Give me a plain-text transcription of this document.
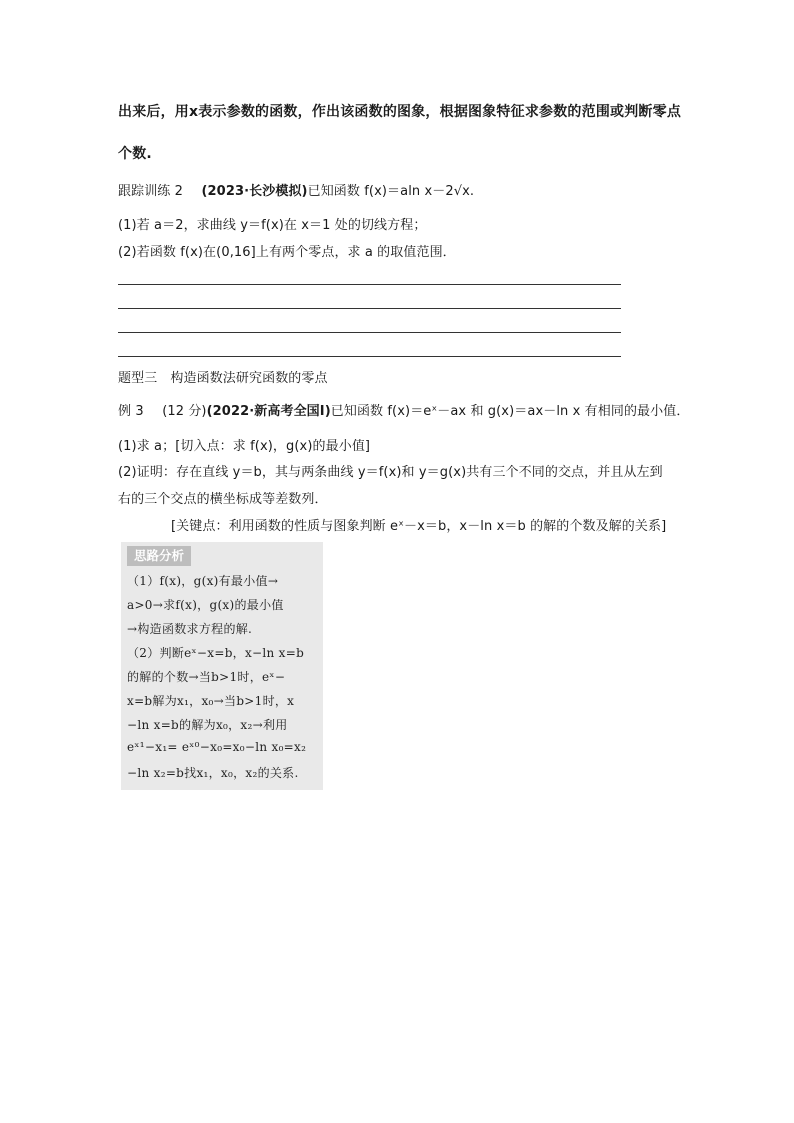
出来后，用x表示参数的函数，作出该函数的图象，根据图象特征求参数的范围或判断零点
个数.
跟踪训练 2 (2023·长沙模拟)已知函数 f(x)＝aln x－2√x.
(1)若 a＝2，求曲线 y＝f(x)在 x＝1 处的切线方程；
(2)若函数 f(x)在(0,16]上有两个零点，求 a 的取值范围．
题型三　构造函数法研究函数的零点
例 3 (12 分)(2022·新高考全国Ⅰ)已知函数 f(x)＝eˣ－ax 和 g(x)＝ax－ln x 有相同的最小值．
(1)求 a；[切入点：求 f(x)，g(x)的最小值]
(2)证明：存在直线 y＝b，其与两条曲线 y＝f(x)和 y＝g(x)共有三个不同的交点，并且从左到
右的三个交点的横坐标成等差数列．
[关键点：利用函数的性质与图象判断 eˣ－x＝b，x－ln x＝b 的解的个数及解的关系]
思路分析
（1）f(x)，g(x)有最小值→
a>0→求f(x)，g(x)的最小值
→构造函数求方程的解.
（2）判断eˣ−x=b，x−ln x=b
的解的个数→当b>1时，eˣ−
x=b解为x₁，x₀→当b>1时，x
−ln x=b的解为x₀，x₂→利用
eˣ¹−x₁= eˣ⁰−x₀=x₀−ln x₀=x₂
−ln x₂=b找x₁，x₀，x₂的关系.
